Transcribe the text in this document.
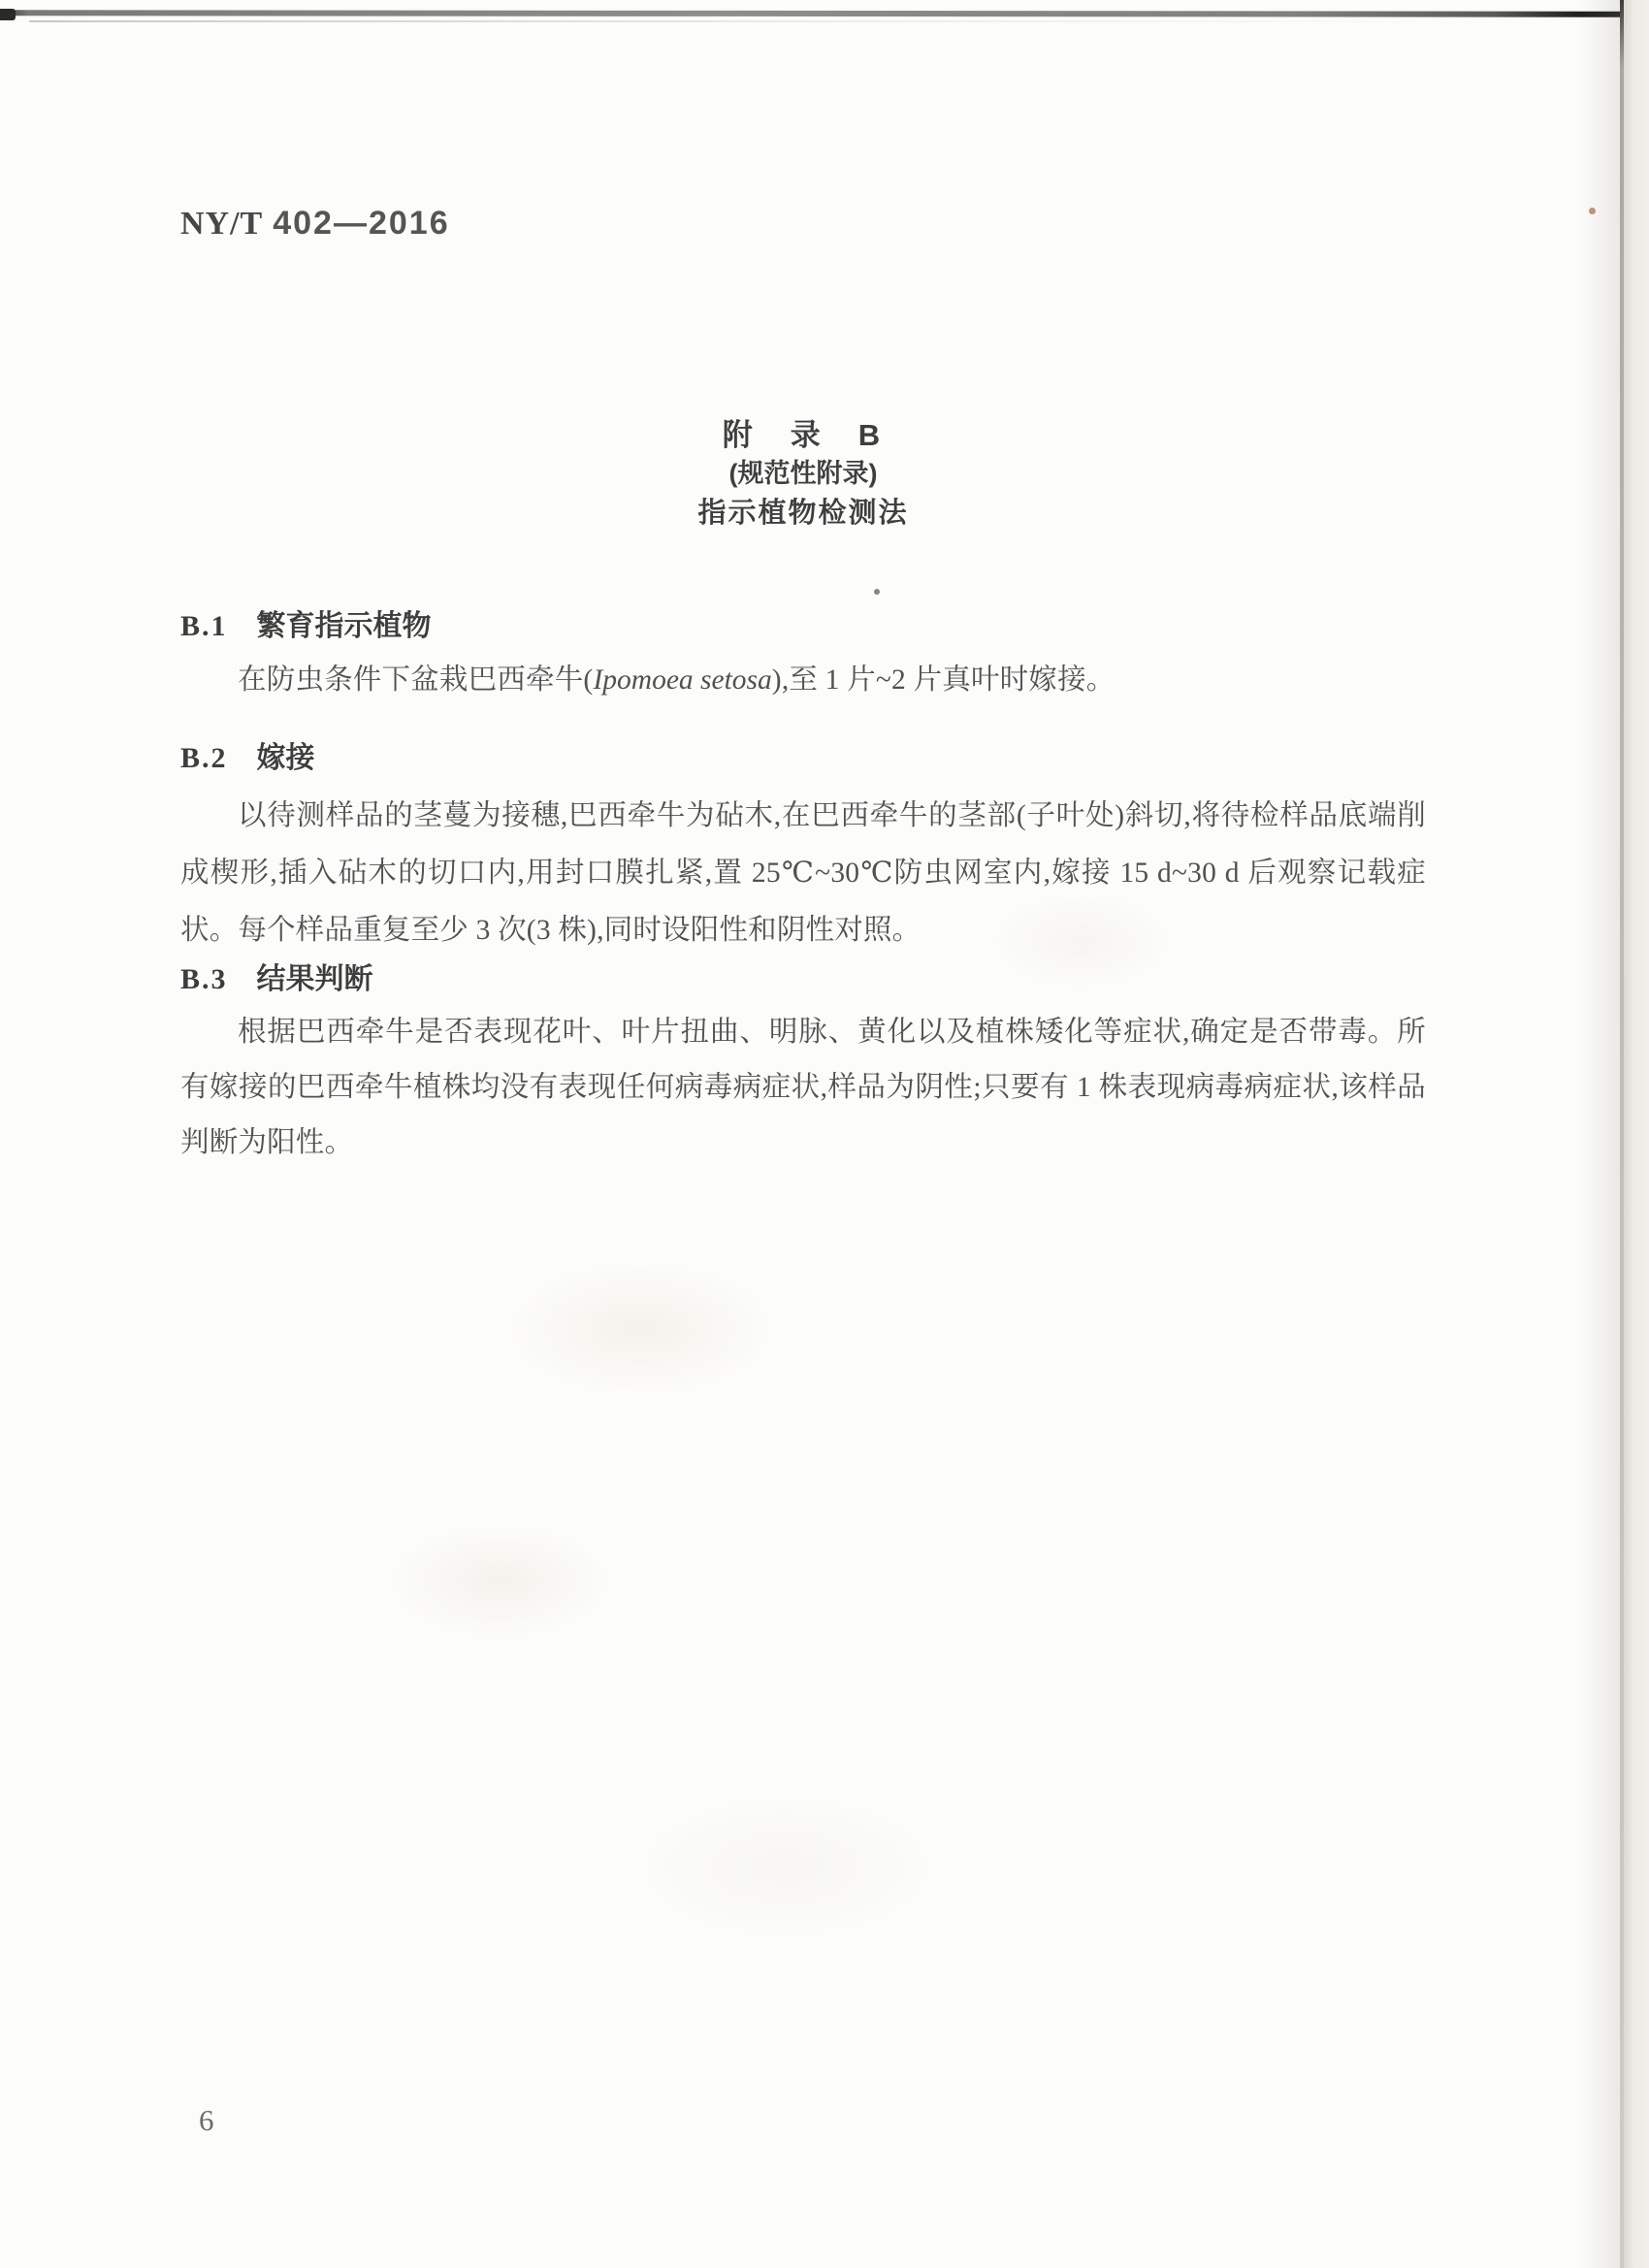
NY/T 402—2016
附　录　B
(规范性附录)
指示植物检测法
B.1 繁育指示植物
在防虫条件下盆栽巴西牵牛(Ipomoea setosa),至 1 片~2 片真叶时嫁接。
B.2 嫁接
以待测样品的茎蔓为接穗,巴西牵牛为砧木,在巴西牵牛的茎部(子叶处)斜切,将待检样品底端削成楔形,插入砧木的切口内,用封口膜扎紧,置 25℃~30℃防虫网室内,嫁接 15 d~30 d 后观察记载症状。每个样品重复至少 3 次(3 株),同时设阳性和阴性对照。
B.3 结果判断
根据巴西牵牛是否表现花叶、叶片扭曲、明脉、黄化以及植株矮化等症状,确定是否带毒。所有嫁接的巴西牵牛植株均没有表现任何病毒病症状,样品为阴性;只要有 1 株表现病毒病症状,该样品判断为阳性。
6
